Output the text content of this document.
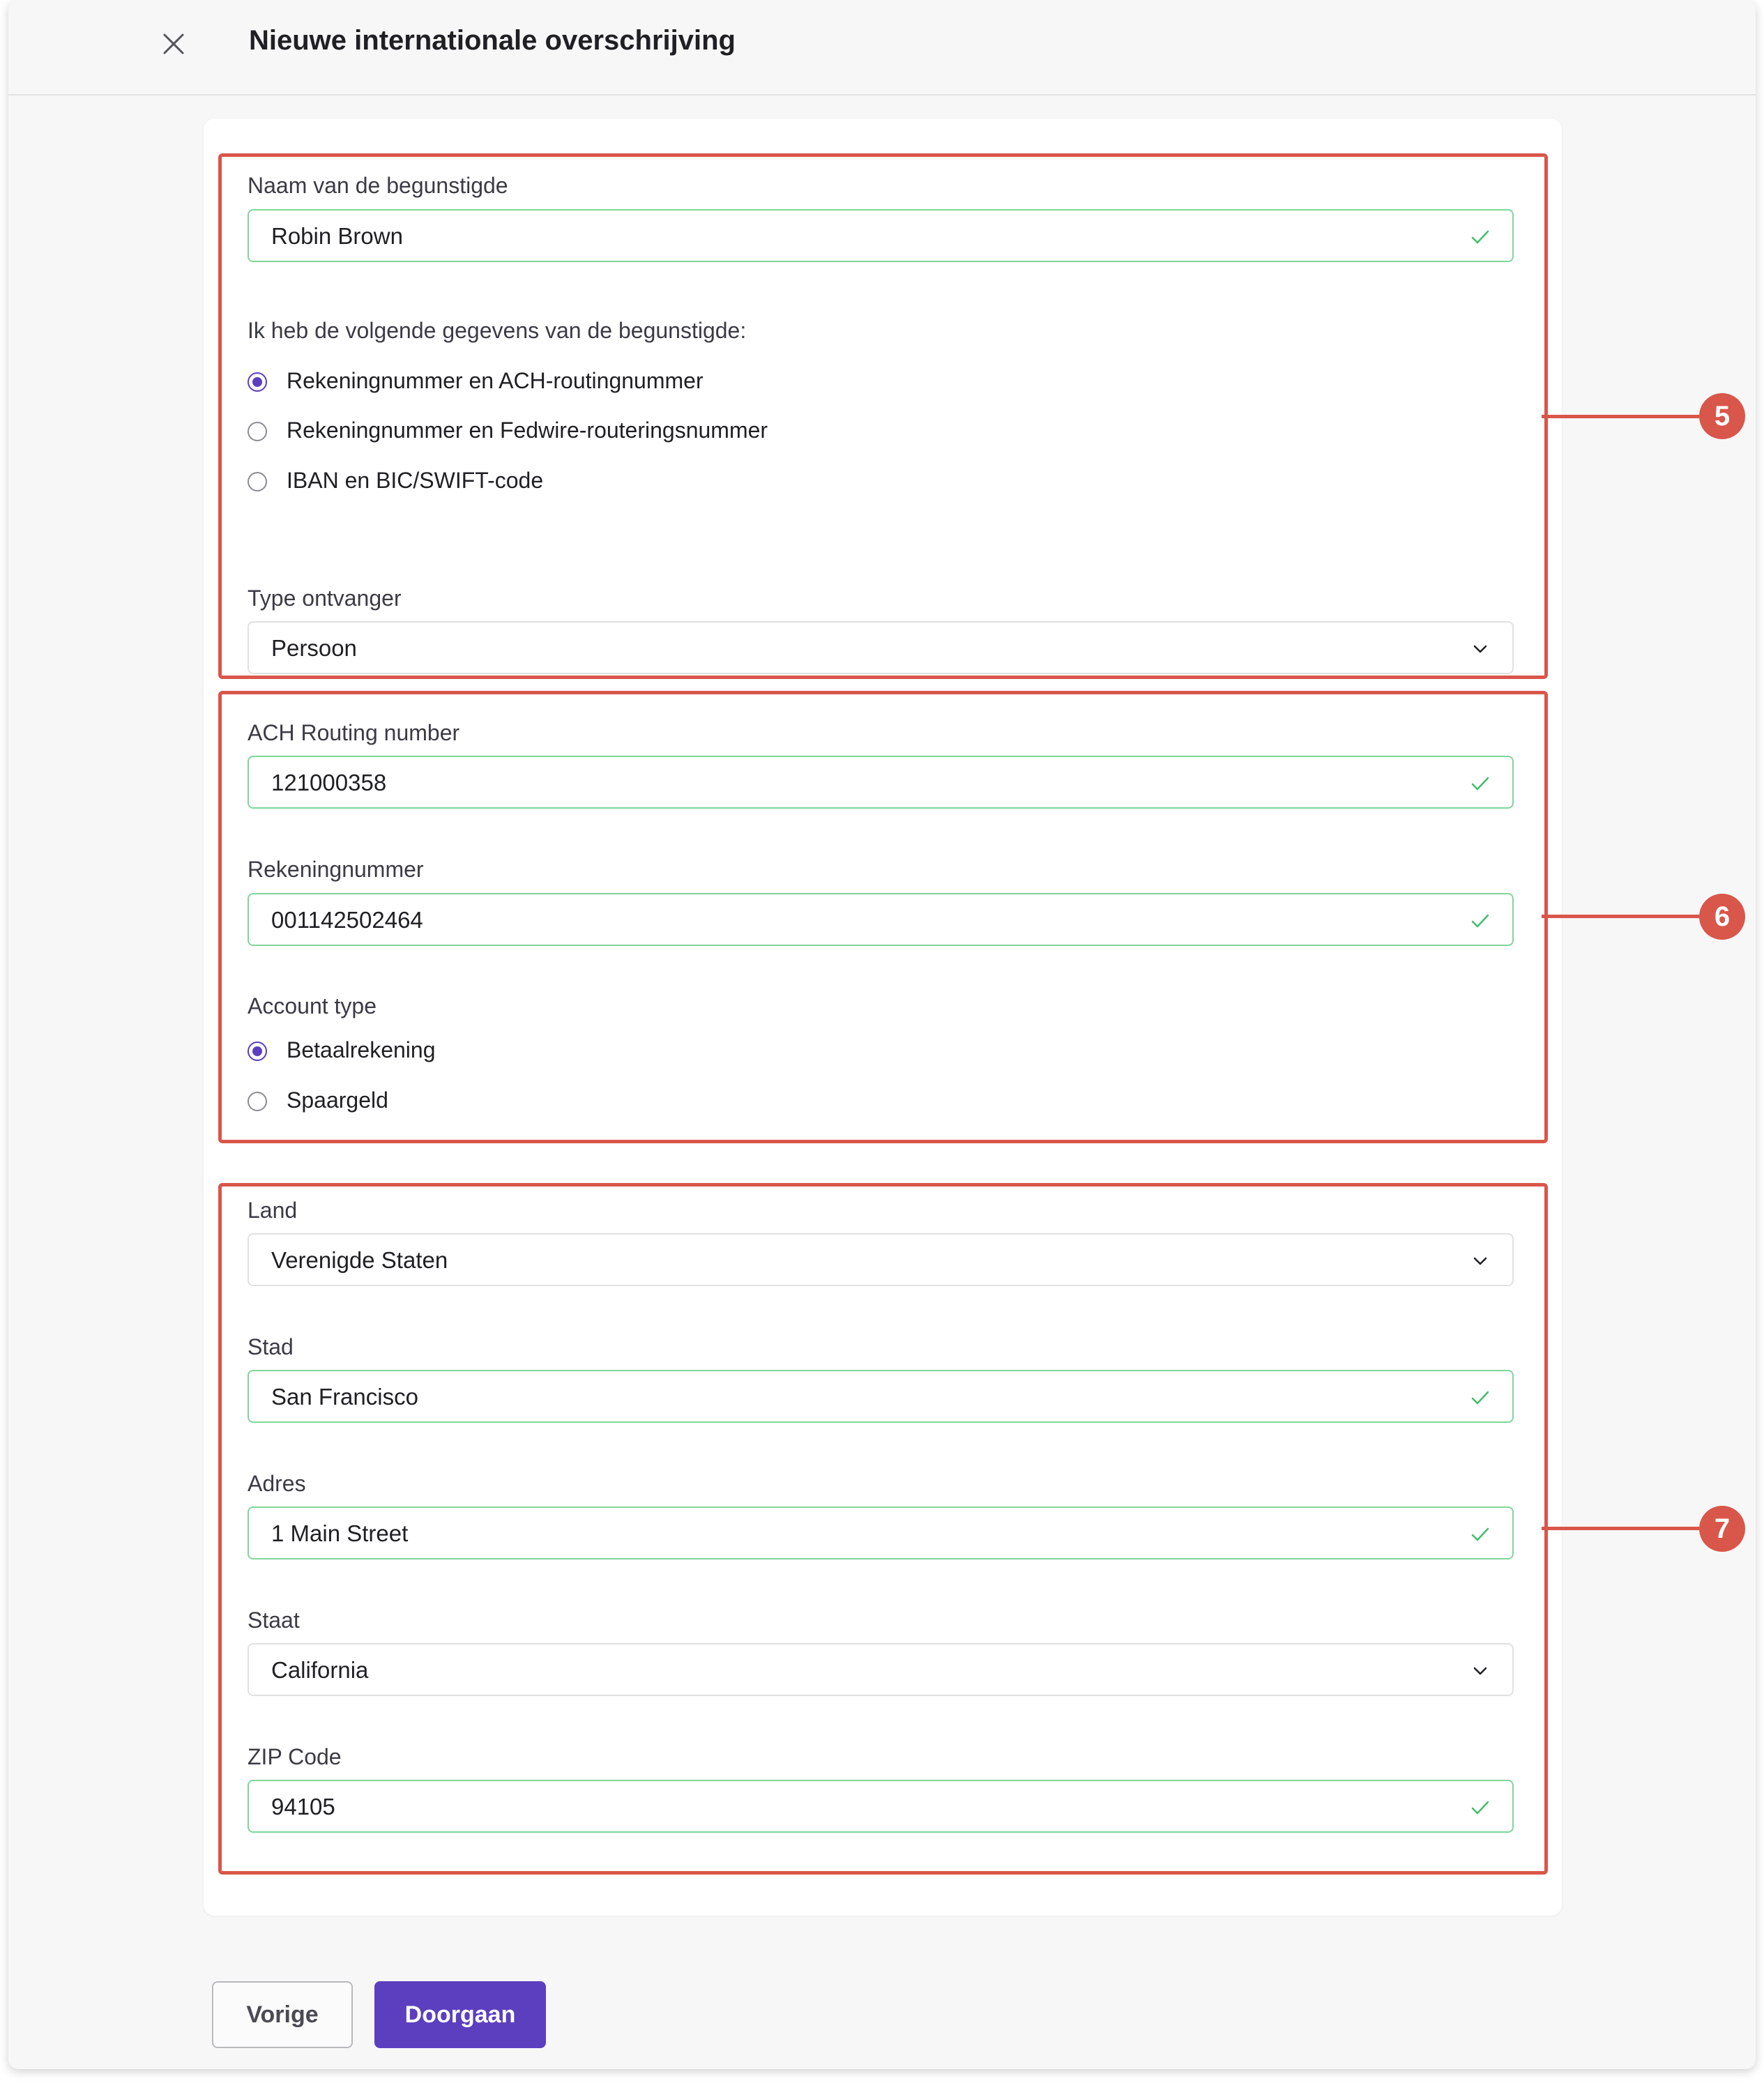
Nieuwe internationale overschrijving
Naam van de begunstigde
Robin Brown
Ik heb de volgende gegevens van de begunstigde:
Rekeningnummer en ACH-routingnummer
Rekeningnummer en Fedwire-routeringsnummer
IBAN en BIC/SWIFT-code
Type ontvanger
Persoon
ACH Routing number
121000358
Rekeningnummer
001142502464
Account type
Betaalrekening
Spaargeld
Land
Verenigde Staten
Stad
San Francisco
Adres
1 Main Street
Staat
California
ZIP Code
94105
5
6
7
Vorige	Doorgaan
